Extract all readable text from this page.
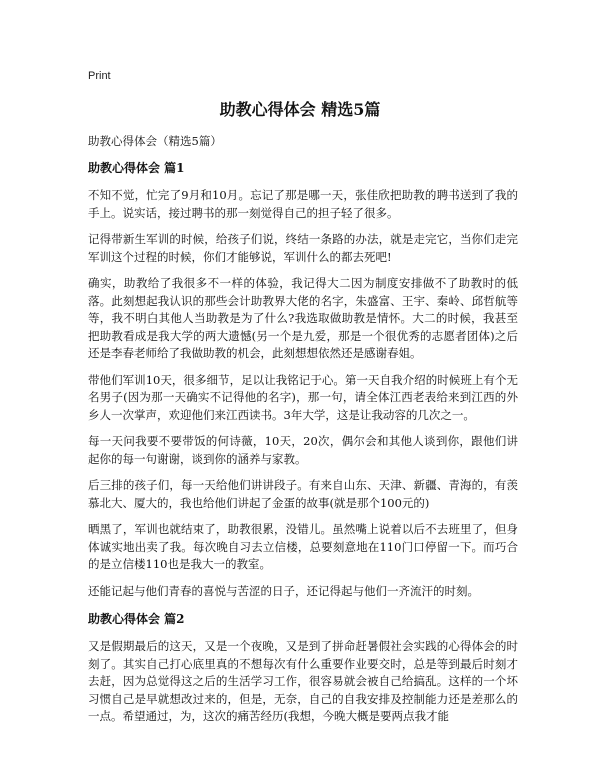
Print
助教心得体会 精选5篇
助教心得体会（精选5篇）
助教心得体会 篇1

不知不觉，忙完了9月和10月。忘记了那是哪一天，张佳欣把助教的聘书送到了我的手上。说实话，接过聘书的那一刻觉得自己的担子轻了很多。

记得带新生军训的时候，给孩子们说，终结一条路的办法，就是走完它，当你们走完军训这个过程的时候，你们才能够说，军训什么的都去死吧!

确实，助教给了我很多不一样的体验，我记得大二因为制度安排做不了助教时的低落。此刻想起我认识的那些会计助教界大佬的名字，朱盛富、王宇、秦岭、邱哲航等等，我不明白其他人当助教是为了什么?我选取做助教是情怀。大二的时候，我甚至把助教看成是我大学的两大遗憾(另一个是九爱，那是一个很优秀的志愿者团体)之后还是李春老师给了我做助教的机会，此刻想想依然还是感谢春姐。

带他们军训10天，很多细节，足以让我铭记于心。第一天自我介绍的时候班上有个无名男子(因为那一天确实不记得他的名字)，那一句，请全体江西老表给来到江西的外乡人一次掌声，欢迎他们来江西读书。3年大学，这是让我动容的几次之一。

每一天问我要不要带饭的何诗薇，10天，20次，偶尔会和其他人谈到你，跟他们讲起你的每一句谢谢，谈到你的涵养与家教。

后三排的孩子们，每一天给他们讲讲段子。有来自山东、天津、新疆、青海的，有羡慕北大、厦大的，我也给他们讲起了金蛋的故事(就是那个100元的)

晒黑了，军训也就结束了，助教很累，没错儿。虽然嘴上说着以后不去班里了，但身体诚实地出卖了我。每次晚自习去立信楼，总要刻意地在110门口停留一下。而巧合的是立信楼110也是我大一的教室。

还能记起与他们青春的喜悦与苦涩的日子，还记得起与他们一齐流汗的时刻。

助教心得体会 篇2

又是假期最后的这天，又是一个夜晚，又是到了拼命赶暑假社会实践的心得体会的时刻了。其实自己打心底里真的不想每次有什么重要作业要交时，总是等到最后时刻才去赶，因为总觉得这之后的生活学习工作，很容易就会被自己给搞乱。这样的一个坏习惯自己是早就想改过来的，但是，无奈，自己的自我安排及控制能力还是差那么的一点。希望通过，为，这次的痛苦经历(我想，今晚大概是要两点我才能
